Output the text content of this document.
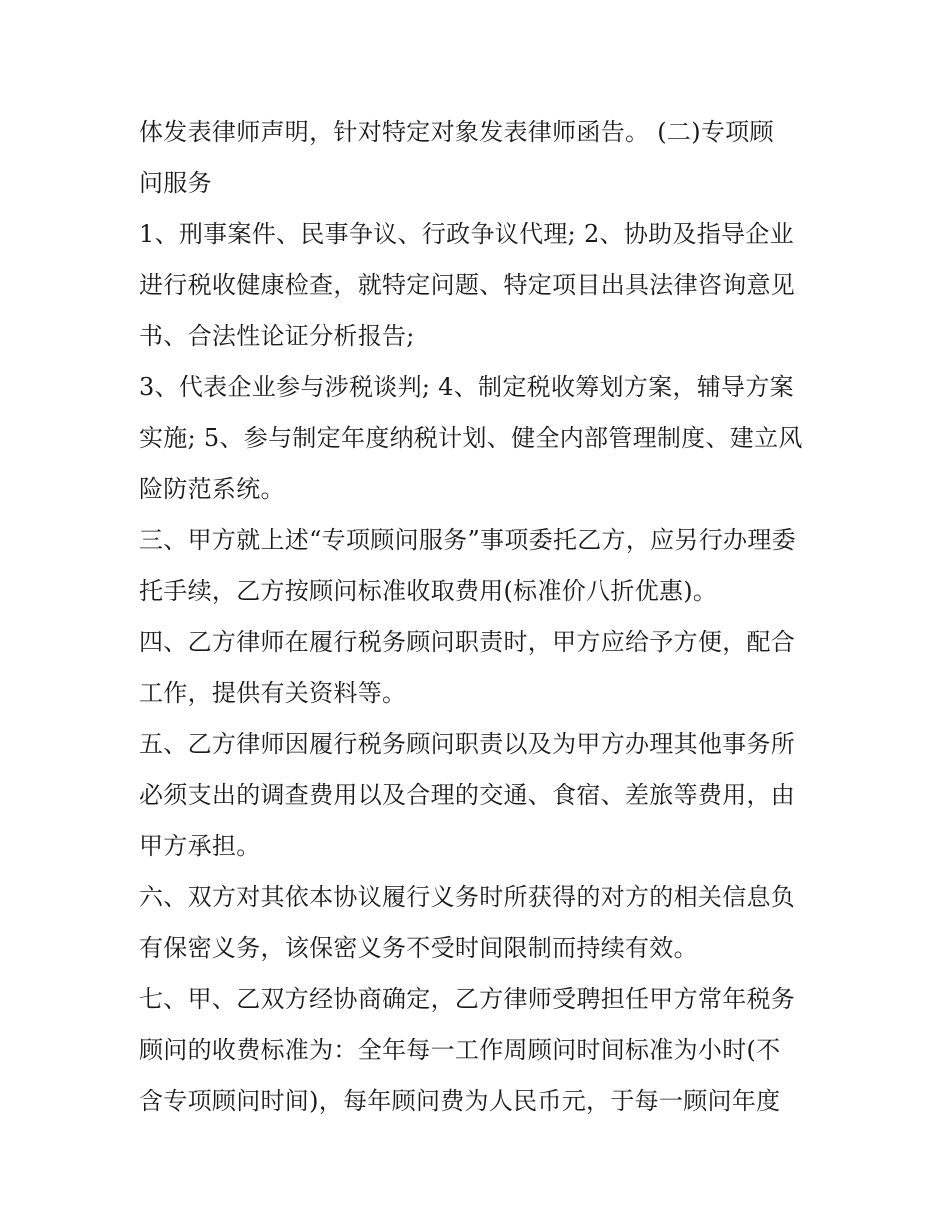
体发表律师声明，针对特定对象发表律师函告。 (二)专项顾

问服务

1、刑事案件、民事争议、行政争议代理; 2、协助及指导企业

进行税收健康检查，就特定问题、特定项目出具法律咨询意见

书、合法性论证分析报告;

3、代表企业参与涉税谈判; 4、制定税收筹划方案，辅导方案

实施; 5、参与制定年度纳税计划、健全内部管理制度、建立风

险防范系统。

三、甲方就上述“专项顾问服务”事项委托乙方，应另行办理委

托手续，乙方按顾问标准收取费用(标准价八折优惠)。

四、乙方律师在履行税务顾问职责时，甲方应给予方便，配合

工作，提供有关资料等。

五、乙方律师因履行税务顾问职责以及为甲方办理其他事务所

必须支出的调查费用以及合理的交通、食宿、差旅等费用，由

甲方承担。

六、双方对其依本协议履行义务时所获得的对方的相关信息负

有保密义务，该保密义务不受时间限制而持续有效。

七、甲、乙双方经协商确定，乙方律师受聘担任甲方常年税务

顾问的收费标准为：全年每一工作周顾问时间标准为小时(不

含专项顾问时间)，每年顾问费为人民币元，于每一顾问年度
